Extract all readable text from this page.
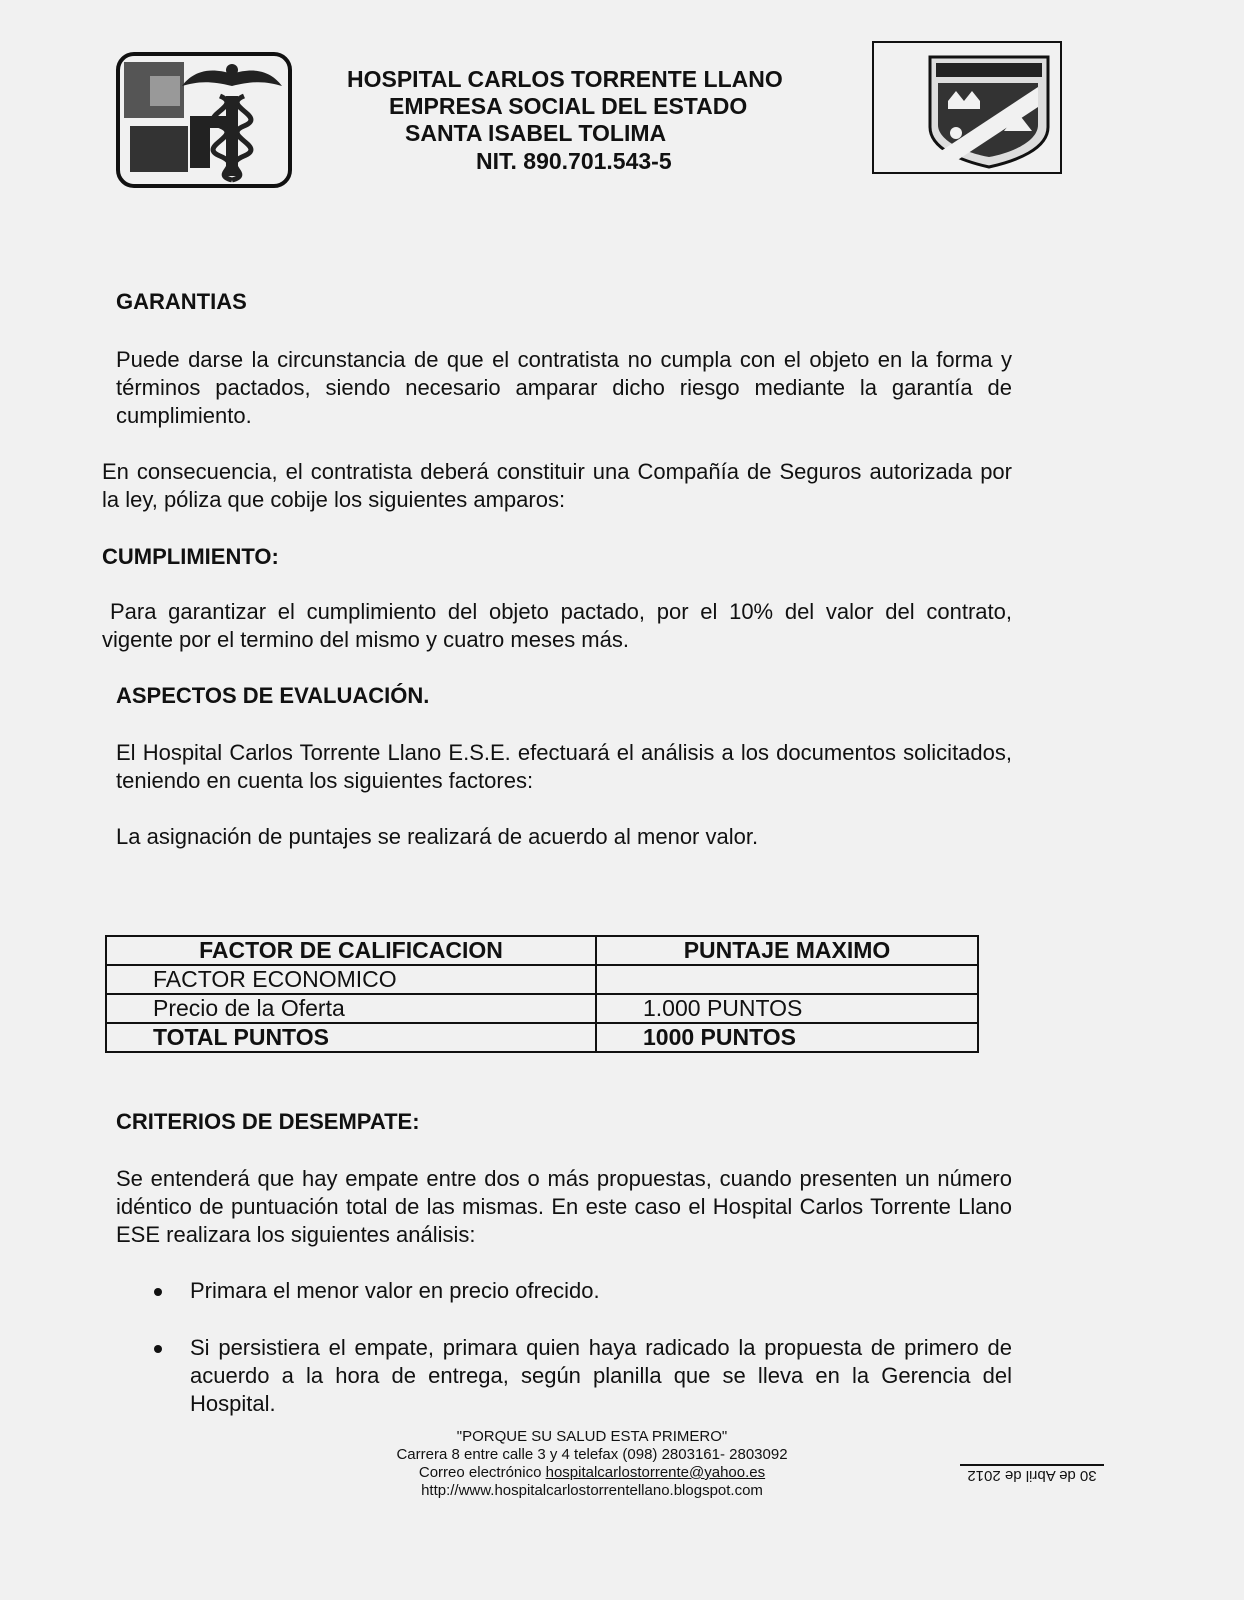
HOSPITAL CARLOS TORRENTE LLANO
EMPRESA SOCIAL DEL ESTADO
SANTA ISABEL TOLIMA
NIT. 890.701.543-5
GARANTIAS
Puede darse la circunstancia de que el contratista no cumpla con el objeto en la forma y términos pactados, siendo necesario amparar dicho riesgo mediante la garantía de cumplimiento.
En consecuencia, el contratista deberá constituir una Compañía de Seguros autorizada por la ley, póliza que cobije los siguientes amparos:
CUMPLIMIENTO:
Para garantizar el cumplimiento del objeto pactado, por el 10% del valor del contrato, vigente por el termino del mismo y cuatro meses más.
ASPECTOS DE EVALUACIÓN.
El Hospital Carlos Torrente Llano E.S.E. efectuará el análisis a los documentos solicitados, teniendo en cuenta los siguientes factores:
La asignación de puntajes se realizará de acuerdo al menor valor.
FACTOR DE CALIFICACION	PUNTAJE MAXIMO
FACTOR ECONOMICO	
Precio de la Oferta	1.000 PUNTOS
TOTAL PUNTOS	1000 PUNTOS
CRITERIOS DE DESEMPATE:
Se entenderá que hay empate entre dos o más propuestas, cuando presenten un número idéntico de puntuación total de las mismas. En este caso el Hospital Carlos Torrente Llano ESE realizara los siguientes análisis:
Primara el menor valor en precio ofrecido.
Si persistiera el empate, primara quien haya radicado la propuesta de primero de acuerdo a la hora de entrega, según planilla que se lleva en la Gerencia del Hospital.
"PORQUE SU SALUD ESTA PRIMERO"
Carrera 8 entre calle 3 y 4 telefax (098) 2803161- 2803092
Correo electrónico hospitalcarlostorrente@yahoo.es
http://www.hospitalcarlostorrentellano.blogspot.com
30 de Abril de 2012
